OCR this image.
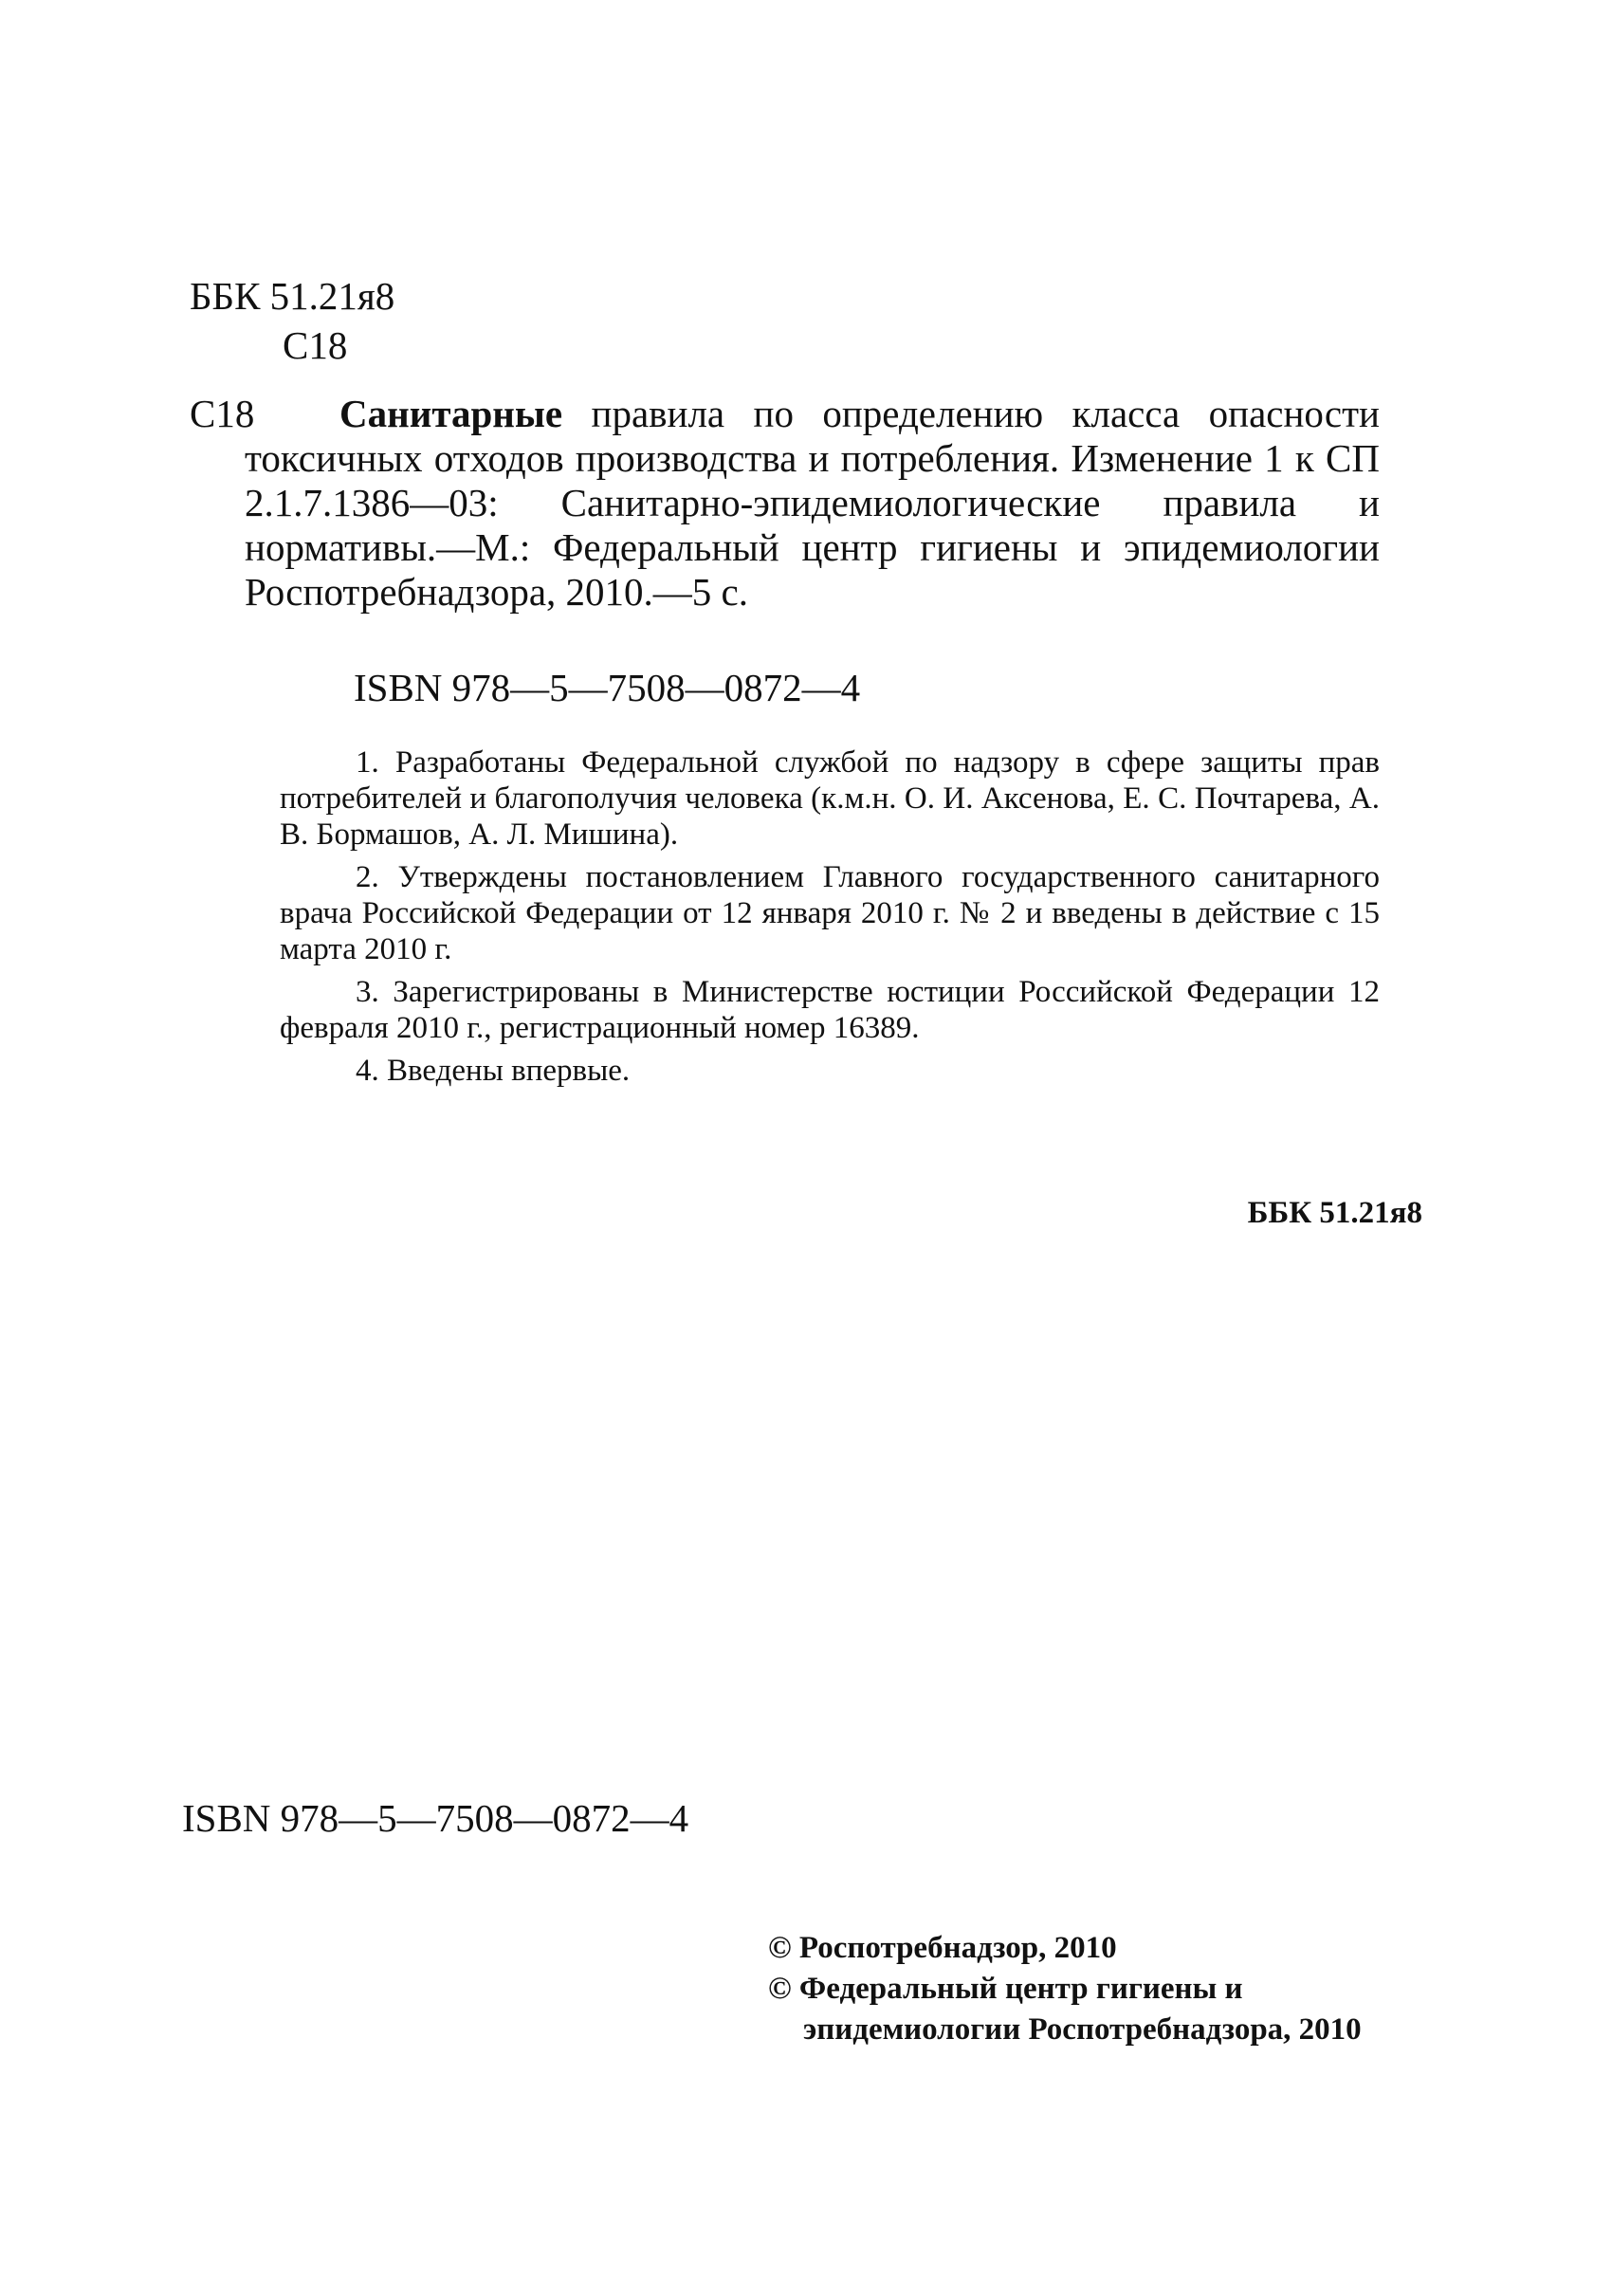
ББК 51.21я8
С18
С18	Санитарные правила по определению класса опасности токсичных отходов производства и потребления. Изменение 1 к СП 2.1.7.1386—03: Санитарно-эпидемиологические правила и нормативы.—М.: Федеральный центр гигиены и эпидемиологии Роспотребнадзора, 2010.—5 с.
ISBN 978—5—7508—0872—4

1. Разработаны Федеральной службой по надзору в сфере защиты прав потребителей и благополучия человека (к.м.н. О. И. Аксенова, Е. С. Почтарева, А. В. Бормашов, А. Л. Мишина).

2. Утверждены постановлением Главного государственного санитарного врача Российской Федерации от 12 января 2010 г. № 2 и введены в действие с 15 марта 2010 г.

3. Зарегистрированы в Министерстве юстиции Российской Федерации 12 февраля 2010 г., регистрационный номер 16389.

4. Введены впервые.

ББК 51.21я8
ISBN 978—5—7508—0872—4
© Роспотребнадзор, 2010
© Федеральный центр гигиены и
эпидемиологии Роспотребнадзора, 2010
